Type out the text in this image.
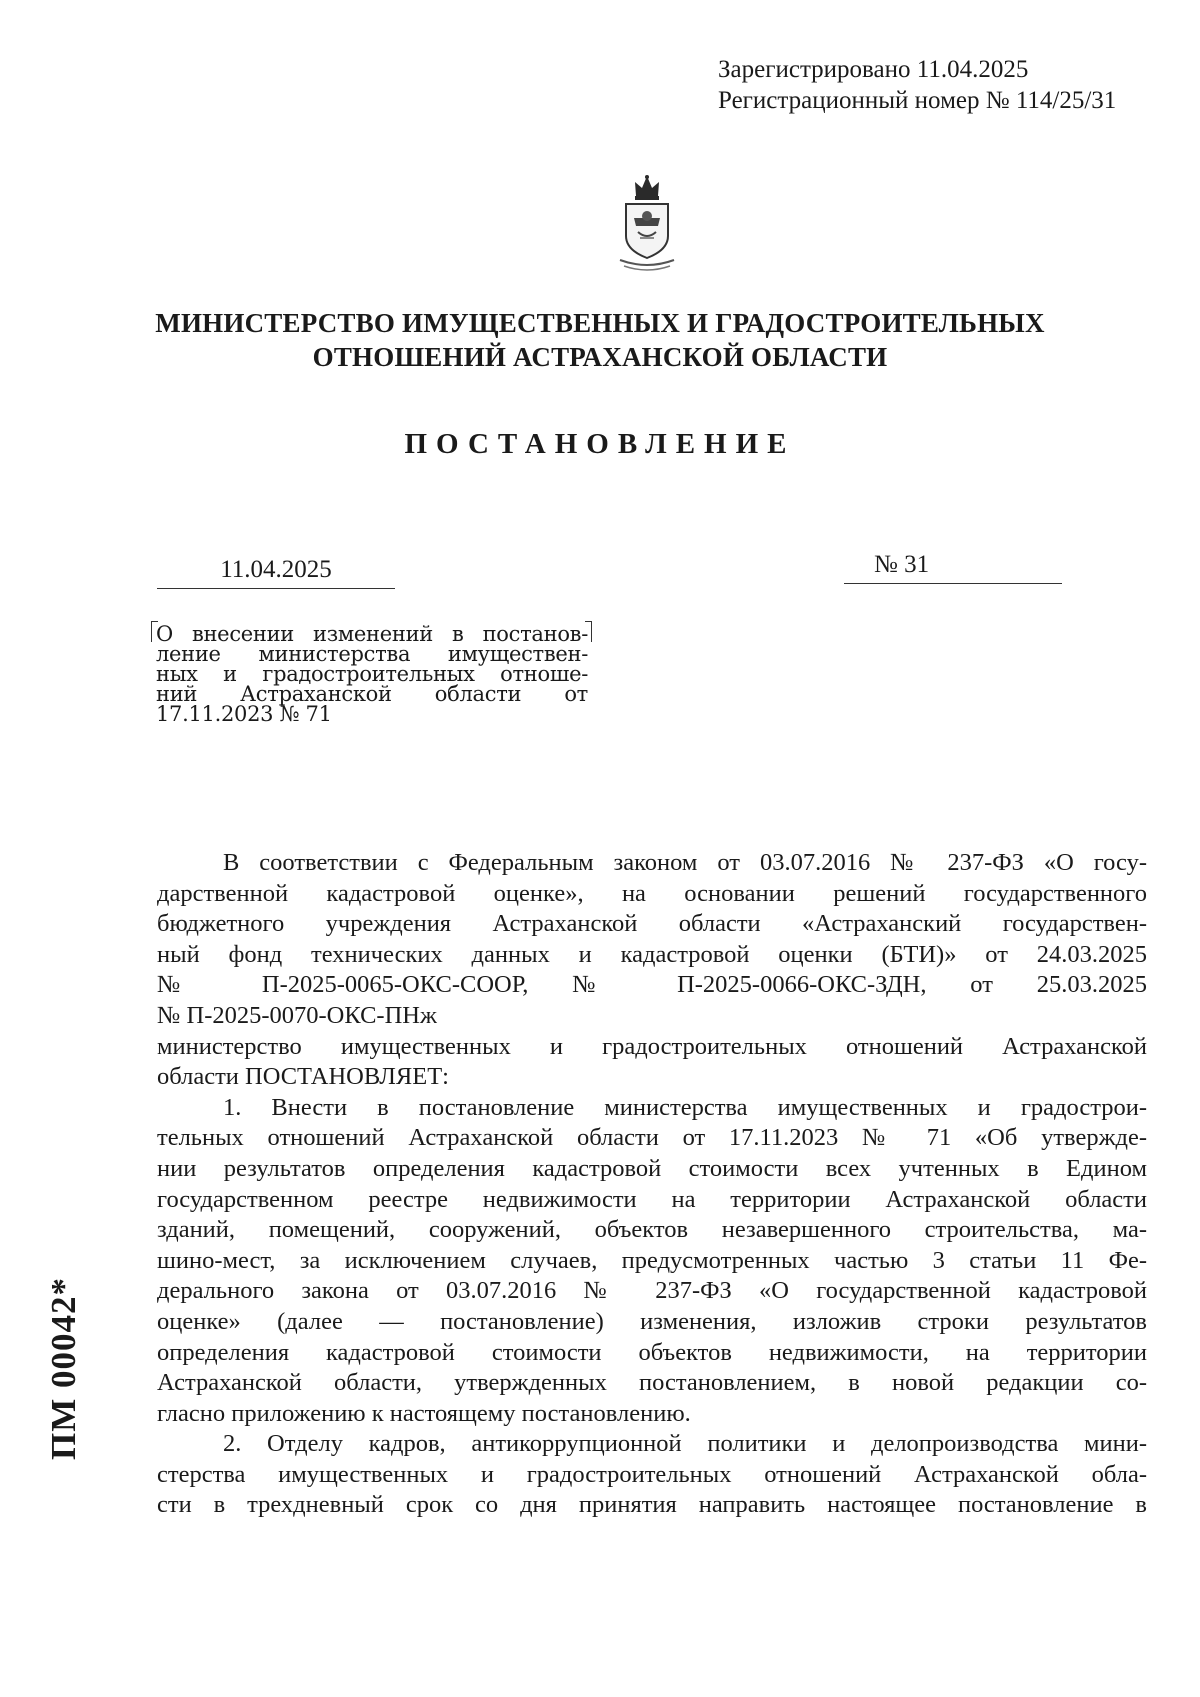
Зарегистрировано 11.04.2025
Регистрационный номер № 114/25/31
МИНИСТЕРСТВО ИМУЩЕСТВЕННЫХ И ГРАДОСТРОИТЕЛЬНЫХ
ОТНОШЕНИЙ АСТРАХАНСКОЙ ОБЛАСТИ
ПОСТАНОВЛЕНИЕ
11.04.2025	№ 31
О внесении изменений в постанов-
ление министерства имуществен-
ных и градостроительных отноше-
ний Астраханской области от
17.11.2023 № 71
В соответствии с Федеральным законом от 03.07.2016 № 237-ФЗ «О госу-
дарственной кадастровой оценке», на основании решений государственного
бюджетного учреждения Астраханской области «Астраханский государствен-
ный фонд технических данных и кадастровой оценки (БТИ)» от 24.03.2025
№ П-2025-0065-ОКС-СООР, № П-2025-0066-ОКС-ЗДН, от 25.03.2025
№ П-2025-0070-ОКС-ПНж
министерство имущественных и градостроительных отношений Астраханской
области ПОСТАНОВЛЯЕТ:
1. Внести в постановление министерства имущественных и градострои-
тельных отношений Астраханской области от 17.11.2023 № 71 «Об утвержде-
нии результатов определения кадастровой стоимости всех учтенных в Едином
государственном реестре недвижимости на территории Астраханской области
зданий, помещений, сооружений, объектов незавершенного строительства, ма-
шино-мест, за исключением случаев, предусмотренных частью 3 статьи 11 Фе-
дерального закона от 03.07.2016 № 237-ФЗ «О государственной кадастровой
оценке» (далее — постановление) изменения, изложив строки результатов
определения кадастровой стоимости объектов недвижимости, на территории
Астраханской области, утвержденных постановлением, в новой редакции со-
гласно приложению к настоящему постановлению.
2. Отделу кадров, антикоррупционной политики и делопроизводства мини-
стерства имущественных и градостроительных отношений Астраханской обла-
сти в трехдневный срок со дня принятия направить настоящее постановление в
ПМ 00042*
